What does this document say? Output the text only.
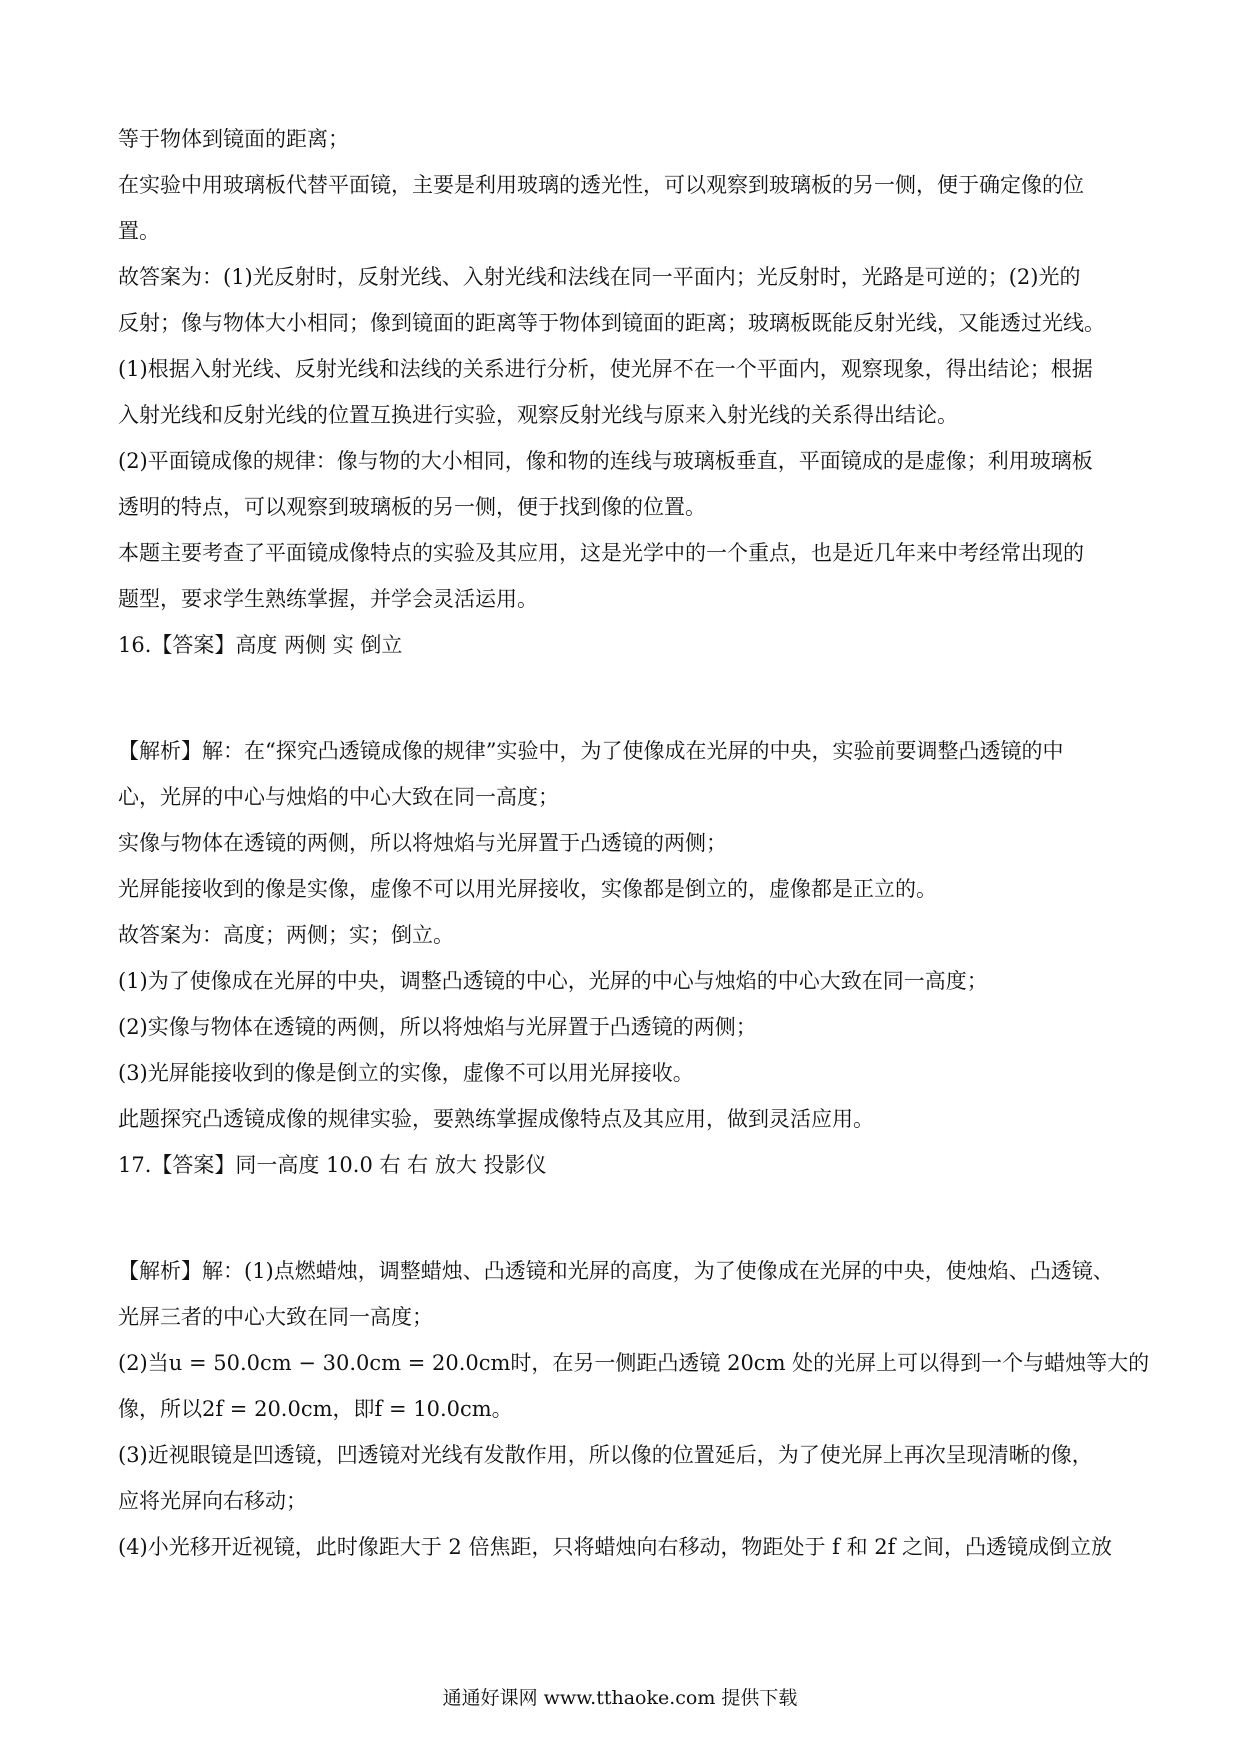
等于物体到镜面的距离；
在实验中用玻璃板代替平面镜，主要是利用玻璃的透光性，可以观察到玻璃板的另一侧，便于确定像的位
置。
故答案为：(1)光反射时，反射光线、入射光线和法线在同一平面内；光反射时，光路是可逆的；(2)光的
反射；像与物体大小相同；像到镜面的距离等于物体到镜面的距离；玻璃板既能反射光线，又能透过光线。
(1)根据入射光线、反射光线和法线的关系进行分析，使光屏不在一个平面内，观察现象，得出结论；根据
入射光线和反射光线的位置互换进行实验，观察反射光线与原来入射光线的关系得出结论。
(2)平面镜成像的规律：像与物的大小相同，像和物的连线与玻璃板垂直，平面镜成的是虚像；利用玻璃板
透明的特点，可以观察到玻璃板的另一侧，便于找到像的位置。
本题主要考查了平面镜成像特点的实验及其应用，这是光学中的一个重点，也是近几年来中考经常出现的
题型，要求学生熟练掌握，并学会灵活运用。
16.【答案】高度 两侧 实 倒立
【解析】解：在“探究凸透镜成像的规律”实验中，为了使像成在光屏的中央，实验前要调整凸透镜的中
心，光屏的中心与烛焰的中心大致在同一高度；
实像与物体在透镜的两侧，所以将烛焰与光屏置于凸透镜的两侧；
光屏能接收到的像是实像，虚像不可以用光屏接收，实像都是倒立的，虚像都是正立的。
故答案为：高度；两侧；实；倒立。
(1)为了使像成在光屏的中央，调整凸透镜的中心，光屏的中心与烛焰的中心大致在同一高度；
(2)实像与物体在透镜的两侧，所以将烛焰与光屏置于凸透镜的两侧；
(3)光屏能接收到的像是倒立的实像，虚像不可以用光屏接收。
此题探究凸透镜成像的规律实验，要熟练掌握成像特点及其应用，做到灵活应用。
17.【答案】同一高度 10.0 右 右 放大 投影仪
【解析】解：(1)点燃蜡烛，调整蜡烛、凸透镜和光屏的高度，为了使像成在光屏的中央，使烛焰、凸透镜、
光屏三者的中心大致在同一高度；
(2)当u = 50.0cm − 30.0cm = 20.0cm时，在另一侧距凸透镜 20cm 处的光屏上可以得到一个与蜡烛等大的
像，所以2f = 20.0cm，即f = 10.0cm。
(3)近视眼镜是凹透镜，凹透镜对光线有发散作用，所以像的位置延后，为了使光屏上再次呈现清晰的像，
应将光屏向右移动；
(4)小光移开近视镜，此时像距大于 2 倍焦距，只将蜡烛向右移动，物距处于 f 和 2f 之间，凸透镜成倒立放
通通好课网 www.tthaoke.com 提供下载
